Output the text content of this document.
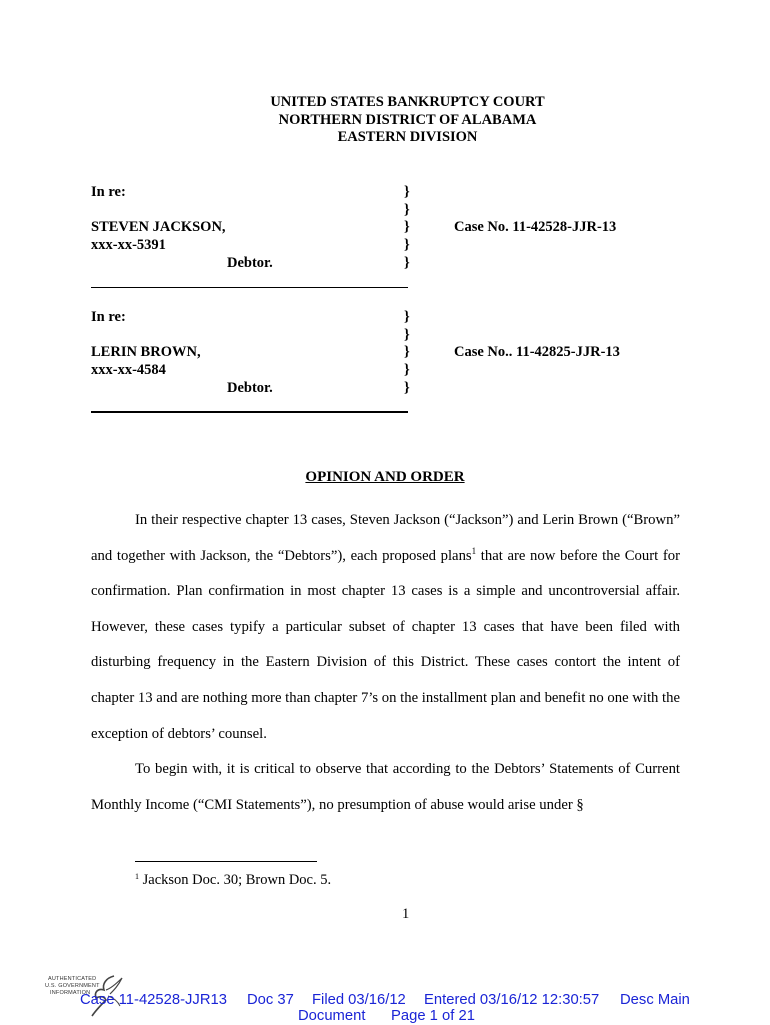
UNITED STATES BANKRUPTCY COURT
NORTHERN DISTRICT OF ALABAMA
EASTERN DIVISION
In re:
STEVEN JACKSON,
xxx-xx-5391
Debtor.
Case No. 11-42528-JJR-13
}
}
}
}
}
In re:
LERIN BROWN,
xxx-xx-4584
Debtor.
Case No.. 11-42825-JJR-13
}
}
}
}
}
OPINION AND ORDER

In their respective chapter 13 cases, Steven Jackson (“Jackson”) and Lerin Brown (“Brown” and together with Jackson, the “Debtors”), each proposed plans$^1$ that are now before the Court for confirmation. Plan confirmation in most chapter 13 cases is a simple and uncontroversial affair. However, these cases typify a particular subset of chapter 13 cases that have been filed with disturbing frequency in the Eastern Division of this District. These cases contort the intent of chapter 13 and are nothing more than chapter 7’s on the installment plan and benefit no one with the exception of debtors’ counsel.

To begin with, it is critical to observe that according to the Debtors’ Statements of Current Monthly Income (“CMI Statements”), no presumption of abuse would arise under §

$^1$ Jackson Doc. 30; Brown Doc. 5.
1
AUTHENTICATED
U.S. GOVERNMENT
INFORMATION
Case 11-42528-JJR13 Doc 37 Filed 03/16/12 Entered 03/16/12 12:30:57 Desc Main
Document Page 1 of 21
